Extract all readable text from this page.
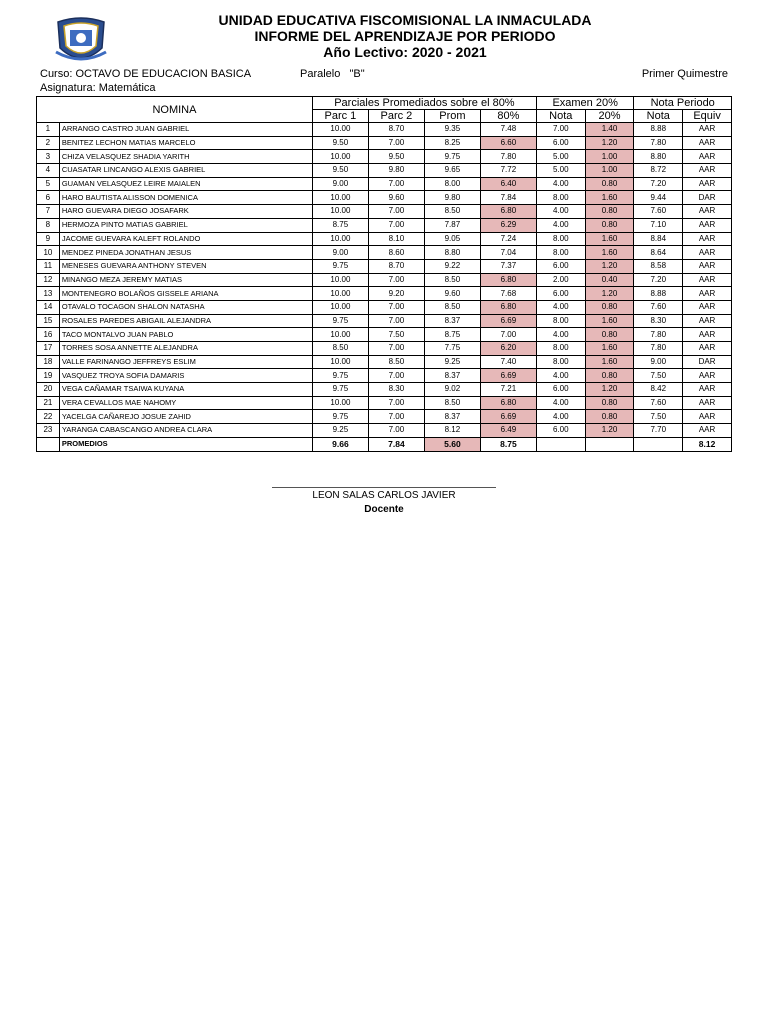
UNIDAD EDUCATIVA FISCOMISIONAL LA INMACULADA
INFORME DEL APRENDIZAJE POR PERIODO
Año Lectivo: 2020 - 2021
Curso: OCTAVO DE EDUCACION BASICA	Paralelo   "B"	Primer Quimestre
Asignatura: Matemática
NOMINA		Parciales Promediados sobre el 80%				Examen 20%		Nota Periodo	
		Parc 1	Parc 2	Prom	80%	Nota	20%	Nota	Equiv
1	ARRANGO CASTRO JUAN GABRIEL	10.00	8.70	9.35	7.48	7.00	1.40	8.88	AAR
2	BENITEZ LECHON MATIAS MARCELO	9.50	7.00	8.25	6.60	6.00	1.20	7.80	AAR
3	CHIZA VELASQUEZ SHADIA YARITH	10.00	9.50	9.75	7.80	5.00	1.00	8.80	AAR
4	CUASATAR LINCANGO ALEXIS GABRIEL	9.50	9.80	9.65	7.72	5.00	1.00	8.72	AAR
5	GUAMAN VELASQUEZ LEIRE MAIALEN	9.00	7.00	8.00	6.40	4.00	0.80	7.20	AAR
6	HARO BAUTISTA ALISSON DOMENICA	10.00	9.60	9.80	7.84	8.00	1.60	9.44	DAR
7	HARO GUEVARA DIEGO JOSAFARK	10.00	7.00	8.50	6.80	4.00	0.80	7.60	AAR
8	HERMOZA PINTO MATIAS GABRIEL	8.75	7.00	7.87	6.29	4.00	0.80	7.10	AAR
9	JACOME GUEVARA KALEFT ROLANDO	10.00	8.10	9.05	7.24	8.00	1.60	8.84	AAR
10	MENDEZ PINEDA JONATHAN JESUS	9.00	8.60	8.80	7.04	8.00	1.60	8.64	AAR
11	MENESES GUEVARA ANTHONY STEVEN	9.75	8.70	9.22	7.37	6.00	1.20	8.58	AAR
12	MINANGO MEZA JEREMY MATIAS	10.00	7.00	8.50	6.80	2.00	0.40	7.20	AAR
13	MONTENEGRO BOLAÑOS GISSELE ARIANA	10.00	9.20	9.60	7.68	6.00	1.20	8.88	AAR
14	OTAVALO TOCAGON SHALON NATASHA	10.00	7.00	8.50	6.80	4.00	0.80	7.60	AAR
15	ROSALES PAREDES ABIGAIL ALEJANDRA	9.75	7.00	8.37	6.69	8.00	1.60	8.30	AAR
16	TACO MONTALVO JUAN PABLO	10.00	7.50	8.75	7.00	4.00	0.80	7.80	AAR
17	TORRES SOSA ANNETTE ALEJANDRA	8.50	7.00	7.75	6.20	8.00	1.60	7.80	AAR
18	VALLE FARINANGO JEFFREYS ESLIM	10.00	8.50	9.25	7.40	8.00	1.60	9.00	DAR
19	VASQUEZ TROYA SOFIA DAMARIS	9.75	7.00	8.37	6.69	4.00	0.80	7.50	AAR
20	VEGA CAÑAMAR TSAIWA KUYANA	9.75	8.30	9.02	7.21	6.00	1.20	8.42	AAR
21	VERA CEVALLOS MAE NAHOMY	10.00	7.00	8.50	6.80	4.00	0.80	7.60	AAR
22	YACELGA CAÑAREJO JOSUE ZAHID	9.75	7.00	8.37	6.69	4.00	0.80	7.50	AAR
23	YARANGA CABASCANGO ANDREA CLARA	9.25	7.00	8.12	6.49	6.00	1.20	7.70	AAR
	PROMEDIOS	9.66	7.84	5.60	8.75				8.12
LEON SALAS CARLOS JAVIER
Docente
